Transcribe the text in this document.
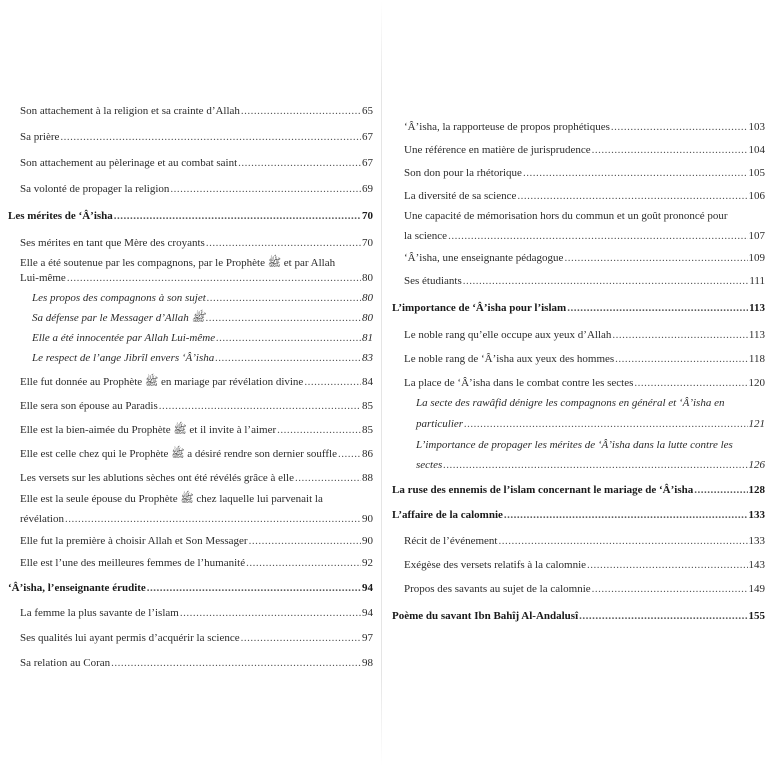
Son attachement à la religion et sa crainte d’Allah .....	65
Sa prière .....	67
Son attachement au pèlerinage et au combat saint .....	67
Sa volonté de propager la religion .....	69
Les mérites de ‘Â’isha .....	70
Ses mérites en tant que Mère des croyants .....	70
Elle a été soutenue par les compagnons, par le Prophète ﷺ et par Allah
Lui-même .....	80
Les propos des compagnons à son sujet .....	80
Sa défense par le Messager d’Allah ﷺ .....	80
Elle a été innocentée par Allah Lui-même .....	81
Le respect de l’ange Jibrîl envers ‘Â’isha .....	83
Elle fut donnée au Prophète ﷺ en mariage par révélation divine .....	84
Elle sera son épouse au Paradis .....	85
Elle est la bien-aimée du Prophète ﷺ et il invite à l’aimer .....	85
Elle est celle chez qui le Prophète ﷺ a désiré rendre son dernier souffle ..... 86
Les versets sur les ablutions sèches ont été révélés grâce à elle .....	88
Elle est la seule épouse du Prophète ﷺ chez laquelle lui parvenait la
révélation .....	90
Elle fut la première à choisir Allah et Son Messager .....	90
Elle est l’une des meilleures femmes de l’humanité .....	92
‘Â’isha, l’enseignante érudite .....	94
La femme la plus savante de l’islam .....	94
Ses qualités lui ayant permis d’acquérir la science .....	97
Sa relation au Coran .....	98
‘Â’isha, la rapporteuse de propos prophétiques .....	103
Une référence en matière de jurisprudence .....	104
Son don pour la rhétorique .....	105
La diversité de sa science .....	106
Une capacité de mémorisation hors du commun et un goût prononcé pour
la science .....	107
‘Â’isha, une enseignante pédagogue .....	109
Ses étudiants .....	111
L’importance de ‘Â’isha pour l’islam .....	113
Le noble rang qu’elle occupe aux yeux d’Allah .....	113
Le noble rang de ‘Â’isha aux yeux des hommes .....	118
La place de ‘Â’isha dans le combat contre les sectes .....	120
La secte des rawâfid dénigre les compagnons en général et ‘Â’isha en
particulier .....	121
L’importance de propager les mérites de ‘Â’isha dans la lutte contre les
sectes .....	126
La ruse des ennemis de l’islam concernant le mariage de ‘Â’isha .....	128
L’affaire de la calomnie .....	133
Récit de l’événement .....	133
Exégèse des versets relatifs à la calomnie .....	143
Propos des savants au sujet de la calomnie .....	149
Poème du savant Ibn Bahîj Al-Andalusî .....	155
